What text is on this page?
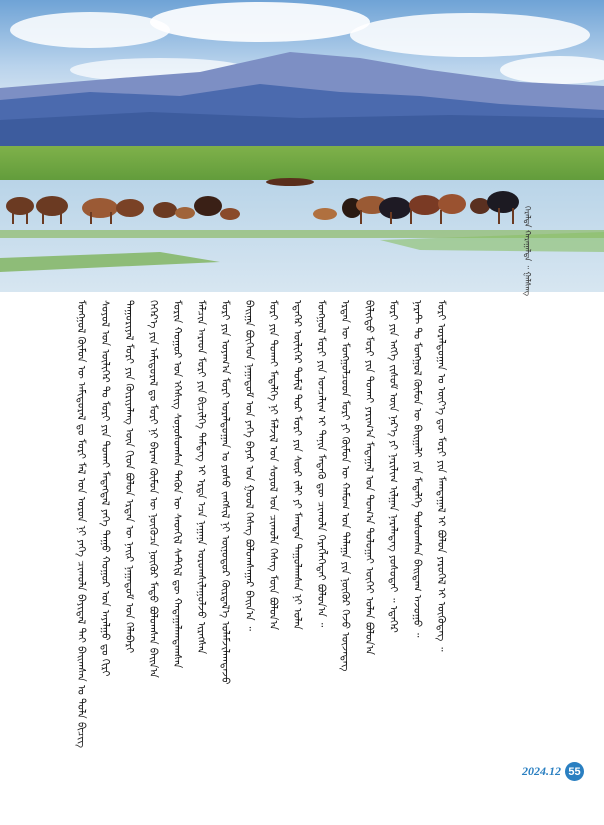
ᠭᠡᠷᠡᠯᠲᠡ ᠬᠠᠷᠠᠭᠠᠯᠲᠠ ᠃ ᠭᠠᠯᠰᠠᠩ
ᠮᠣᠩᠭᠣᠯ ᠬᠦᠮᠦᠨ ᠦ ᠠᠮᠢᠳᠤᠷᠠᠯ ᠳᠤ ᠮᠣᠷᠢ ᠮᠠᠯ ᠤᠨ ᠣᠷᠤᠨ ᠨᠢ ᠶᠡᠬᠡ ᠴᠢᠬᠤᠯᠠ ᠪᠠᠶᠢᠳᠠᠯ ᠲᠠᠢ ᠪᠠᠢᠭᠰᠠᠨ ᠤ ᠲᠤᠯᠠ ᠪᠢᠴᠢᠭ ᠰᠤᠶᠤᠯ ᠤᠨ ᠦᠯᠢᠭᠡᠷ ᠲᠤ ᠮᠣᠷᠢ ᠶᠢᠨ ᠲᠤᠬᠠᠢ ᠮᠡᠳᠡᠭᠳᠡᠯ ᠶᠡᠬᠡ ᠳᠠᠭᠤ ᠬᠤᠭᠤᠷ ᠤᠨ ᠠᠶᠠᠯᠭᠤ ᠳᠤ ᠬᠢᠷᠢ ᠳᠠᠭᠤᠷᠢᠶᠠᠯ ᠮᠣᠷᠢ ᠶᠢᠨ ᠬᠦᠷᠢᠶᠡᠯᠡᠩ ᠦᠨ ᠬᠢᠳ ᠪᠣᠯᠤᠨ ᠡᠷᠲᠡᠨ ᠦ ᠨᠠᠢᠷ ᠨᠠᠭᠠᠳᠤᠮ ᠤᠨ ᠬᠡᠯᠡᠪᠡᠷᠢ ᠬᠡᠭᠡᠷ᠎ᠡ ᠶᠢᠨ ᠠᠮᠢᠳᠤᠷᠠᠯ ᠳᠤ ᠮᠣᠷᠢ ᠨᠢ ᠪᠠᠷᠠᠭ ᠬᠦᠮᠦᠨ ᠦ ᠨᠦᠭᠦᠴᠡ ᠨᠥᠬᠦᠷ ᠮᠡᠲᠦ ᠪᠣᠯᠤᠭᠰᠠᠨ ᠪᠠᠢᠨ᠎ᠠ ᠮᠣᠷᠢᠨ ᠬᠤᠭᠤᠷ ᠤᠨ ᠡᠭᠡᠰᠢᠭ ᠰᠣᠨᠣᠰᠤᠭᠰᠠᠨ ᠲᠡᠭᠦᠨ ᠦ ᠰᠡᠳᠬᠢᠯ ᠰᠡᠲᠬᠢᠯ ᠳᠦ ᠬᠠᠳᠠᠭᠠᠯᠠᠭᠳᠠᠭᠰᠠᠨ ᠮᠠᠯᠴᠢᠨ ᠠᠷᠠᠳ ᠮᠣᠷᠢ ᠶᠢᠨ ᠪᠢᠴᠢᠯᠭᠡ ᠲᠡᠮᠳᠡᠭ ᠢ ᠡᠷᠲᠡ ᠡᠴᠡ ᠨᠠᠭᠠᠨᠠ ᠤᠷᠤᠭᠰᠢᠯᠠᠭᠤᠯᠵᠤ ᠢᠷᠡᠭᠰᠡᠨ ᠮᠣᠷᠢ ᠶᠢᠨ ᠤᠶᠠᠭ᠎ᠠ ᠮᠣᠷᠢ ᠤᠷᠠᠯᠳᠤᠭᠠᠨ ᠤ ᠶᠣᠰᠤ ᠵᠠᠩᠰᠢᠯ ᠨᠢ ᠥᠨᠥᠳᠦᠷ ᠬᠦᠷᠲᠡᠯ᠎ᠡ ᠤᠯᠠᠮᠵᠢᠯᠠᠭᠳᠠᠵᠤ ᠪᠠᠢᠭᠠ ᠪᠥᠭᠡᠳ ᠨᠠᠭᠠᠳᠤᠮ ᠤᠨ ᠶᠡᠬᠡ ᠪᠠᠶᠠᠷ ᠤᠨ ᠭᠣᠣᠯ ᠬᠡᠰᠡᠭ ᠪᠣᠯᠤᠭᠰᠠᠭᠠᠷ ᠪᠠᠢᠨ᠎ᠠ ᠃ ᠮᠣᠷᠢ ᠶᠢᠨ ᠲᠤᠬᠠᠢ ᠮᠡᠳᠡᠯᠭᠡ ᠨᠢ ᠮᠠᠯᠵᠢᠯ ᠤᠨ ᠰᠣᠶᠣᠯ ᠤᠨ ᠴᠢᠬᠤᠯᠠ ᠬᠡᠰᠡᠭ ᠮᠥᠨ ᠪᠣᠯᠤᠨ᠎ᠠ ᠡᠳᠡᠭᠡᠷ ᠦᠯᠢᠭᠡᠷ ᠲᠤᠮᠢᠯ ᠳᠤᠷ ᠮᠣᠷᠢ ᠶᠢᠨ ᠰᠦᠷ ᠵᠠᠯᠢ ᠶᠢ ᠮᠠᠭᠲᠠᠨ ᠳᠠᠭᠤᠯᠠᠭᠰᠠᠨ ᠨᠢ ᠣᠯᠠᠨ ᠮᠣᠩᠭᠣᠯ ᠮᠣᠷᠢ ᠶᠢᠨ ᠣᠨᠴᠠᠯᠢᠭ ᠢ ᠲᠠᠨᠢᠨ ᠮᠡᠳᠡᠬᠦ ᠳᠦ ᠴᠢᠬᠤᠯᠠ ᠬᠡᠷᠡᠭᠯᠡᠭᠡᠲᠡᠢ ᠪᠣᠯᠤᠨ᠎ᠠ ᠃ ᠡᠷᠲᠡᠨ ᠦ ᠮᠣᠩᠭᠣᠯᠴᠤᠳ ᠮᠣᠷᠢ ᠶᠢ ᠬᠦᠮᠦᠨ ᠦ ᠬᠠᠮᠤᠭ ᠤᠨ ᠳᠠᠯᠠᠭᠠ ᠶᠢᠨ ᠨᠥᠬᠦᠷ ᠭᠡᠵᠦ ᠦᠵᠡᠳᠡᠭ ᠪᠢᠯᠢᠭᠲᠦ ᠮᠣᠷᠢ ᠶᠢᠨ ᠲᠤᠬᠠᠢ ᠶᠠᠷᠢᠭ᠎ᠠ ᠮᠠᠳᠠᠭᠠᠯ ᠤᠨ ᠲᠣᠭ᠎ᠠ ᠲᠣᠯᠣᠭᠠᠢ ᠦᠭᠡᠢ ᠣᠯᠠᠨ ᠪᠣᠯᠤᠨ᠎ᠠ ᠮᠣᠷᠢ ᠶᠢᠨ ᠡᠩᠭᠡ ᠵᠢᠰᠦᠮ ᠦᠨ ᠨᠡᠷ᠎ᠡ ᠶᠢ ᠨᠠᠷᠢᠯᠢᠭ ᠢᠯᠭᠠᠨ ᠨᠡᠷᠡᠯᠡᠳᠡᠭ ᠶᠣᠰᠤᠲᠠᠢ ᠃ ᠡᠳᠡᠭᠡᠷ ᠨᠡᠷᠡᠲ ᠲᠤ ᠮᠣᠩᠭᠣᠯ ᠬᠦᠮᠦᠨ ᠦ ᠪᠠᠢᠭᠠᠯᠢ ᠶᠢᠨ ᠮᠡᠳᠡᠯᠭᠡ ᠲᠤᠰᠤᠭᠰᠠᠨ ᠪᠠᠢᠳᠠᠭ ᠠᠵᠤᠭᠤ ᠃ ᠮᠣᠷᠢ ᠤᠷᠠᠯᠳᠤᠭᠠᠨ ᠤ ᠦᠶ᠎ᠡ ᠳᠦ ᠮᠣᠷᠢ ᠶᠢᠨ ᠮᠠᠭᠲᠠᠭᠠᠯ ᠢ ᠪᠣᠯᠤᠨ ᠶᠡᠷᠦᠭᠡᠯ ᠢ ᠥᠭᠦᠳᠡᠭ ᠃
2024.12 55
